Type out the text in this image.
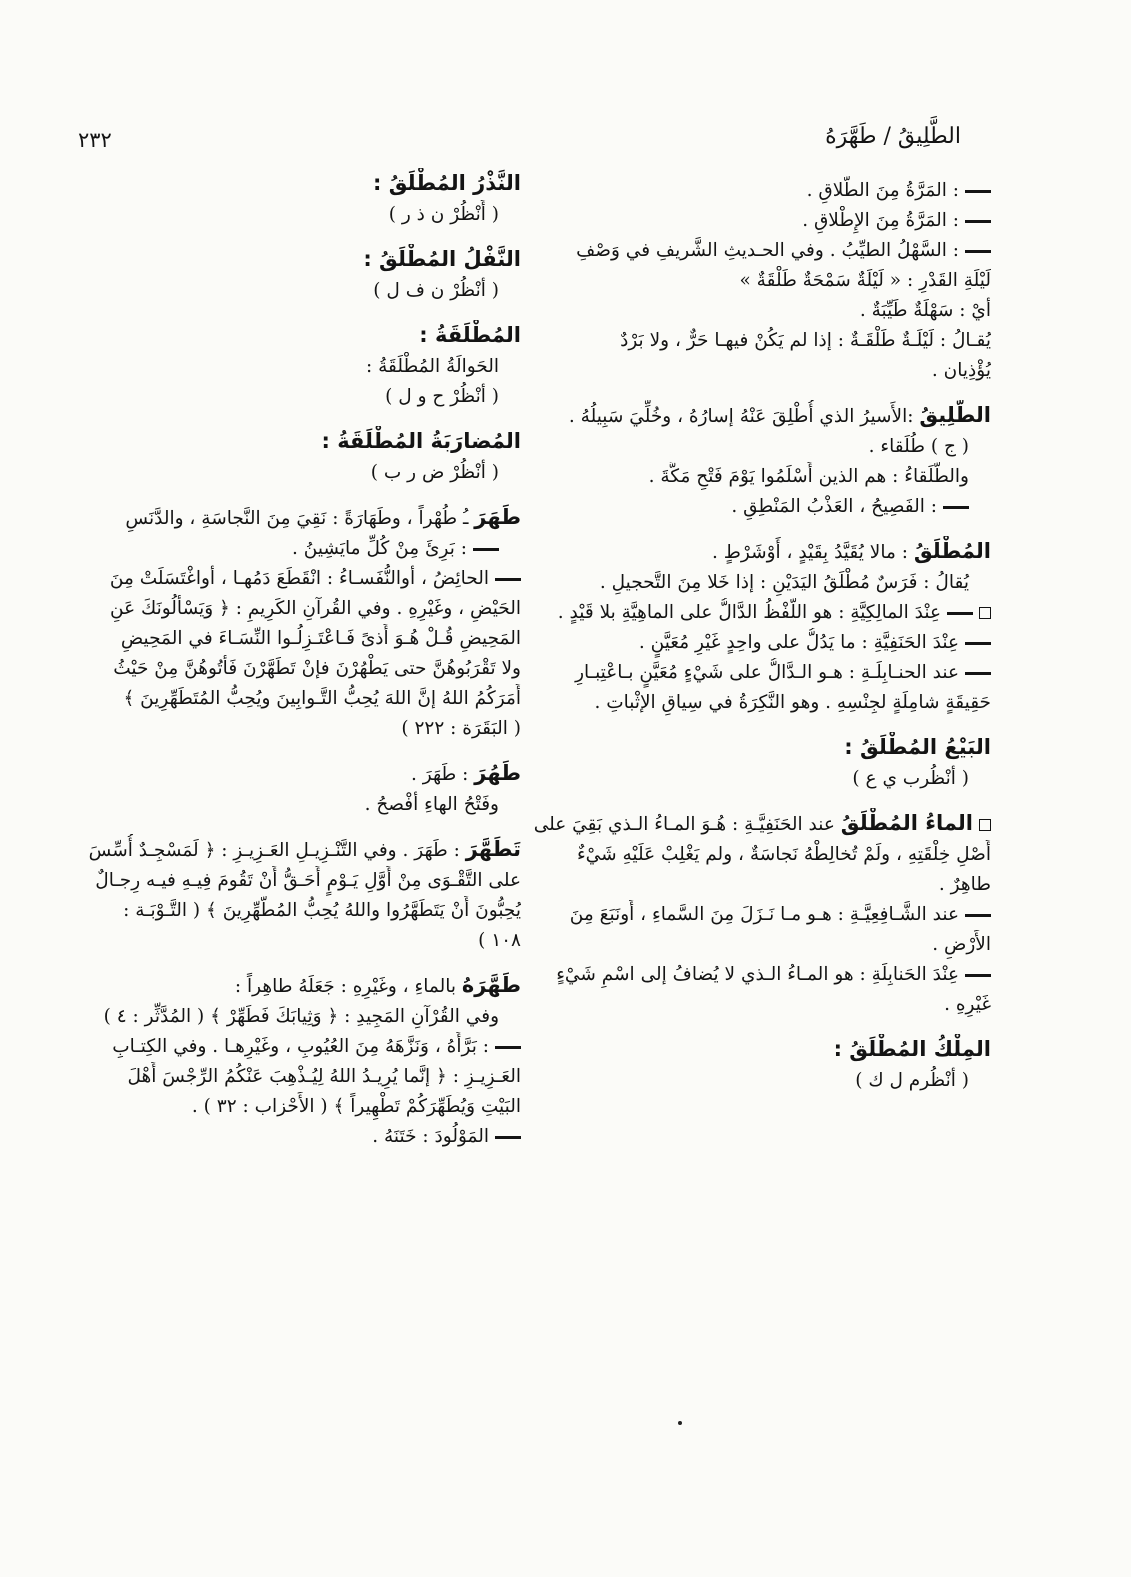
الطَّلِيقُ / طَهَّرَهُ
٢٣٢

: المَرَّةُ مِنَ الطَّلاقِ .

: المَرَّةُ مِنَ الإِطْلاقِ .

: السَّهْلُ الطيِّبُ . وفي الحـديثِ الشَّريفِ في وَصْفِ

لَيْلَةِ القَدْرِ : « لَيْلَةٌ سَمْحَةٌ طَلْقَةٌ »

أيْ : سَهْلَةٌ طَيِّبَةٌ .

يُقـالُ : لَيْلَـةٌ طَلْقَـةٌ : إذا لم يَكُنْ فيهـا حَرٌّ ، ولا بَرْدٌ

يُؤْذِيان .

الطَّلِيقُ :الأَسيرُ الذي أُطْلِقَ عَنْهُ إسارُهُ ، وخُلِّيَ سَبِيلُهُ .

( ج ) طُلَقاء .

والطُّلَقاءُ : هم الذين أَسْلَمُوا يَوْمَ فَتْحِ مَكَّةَ .

: الفَصِيحُ ، العَذْبُ المَنْطِقِ .

المُطْلَقُ : مالا يُقَيَّدُ بِقَيْدٍ ، أَوْشَرْطٍ .

يُقالُ : فَرَسٌ مُطْلَقُ اليَدَيْنِ : إذا خَلا مِنَ التَّحجيلِ .

عِنْدَ المالِكِيَّةِ : هو اللَّفْظُ الدَّالُّ على الماهِيَّةِ بلا قَيْدٍ .

عِنْدَ الحَنَفِيَّةِ : ما يَدُلُّ على واحِدٍ غَيْرِ مُعَيَّنٍ .

عند الحنـابِلَـةِ : هـو الـدَّالُّ على شَيْءٍ مُعَيَّنٍ بـاعْتِبـارِ

حَقِيقَةٍ شامِلَةٍ لجِنْسِهِ . وهو النَّكِرَةُ في سِياقِ الإثْباتِ .

البَيْعُ المُطْلَقُ :

( أنْظُرب ي ع )

الماءُ المُطْلَقُ عند الحَنَفِيَّـةِ : هُـوَ المـاءُ الـذي بَقِيَ على

أَصْلِ خِلْقَتِهِ ، ولَمْ تُخالِطْهُ نَجاسَةٌ ، ولم يَغْلِبْ عَلَيْهِ شَيْءٌ

طاهِرٌ .

عند الشَّـافِعِيَّـةِ : هـو مـا نَـزَلَ مِنَ السَّماءِ ، أَونَبَعَ مِنَ

الأَرْضِ .

عِنْدَ الحَنابِلَةِ : هو المـاءُ الـذي لا يُضافُ إلى اسْمِ شَيْءٍ

غَيْرِهِ .

المِلْكُ المُطْلَقُ :

( أنْظُرم ل ك )

النَّذْرُ المُطْلَقُ :

( أَنْظُرْ ن ذ ر )

النَّفْلُ المُطْلَقُ :

( أنْظُرْ ن ف ل )

المُطْلَقَةُ :

الحَوالَةُ المُطْلَقَةُ :

( أنْظُرْ ح و ل )

المُضارَبَةُ المُطْلَقَةُ :

( أنْظُرْ ض ر ب )

طَهَرَ ـُ طُهْراً ، وطَهَارَةً : نَقِيَ مِنَ النَّجاسَةِ ، والدَّنَسِ

: بَرِئَ مِنْ كُلِّ مايَشِينُ .

الحائِضُ ، أوالنُّفَسـاءُ : انْقَطَعَ دَمُهـا ، أواغْتَسَلَتْ مِنَ

الحَيْضِ ، وغَيْرِهِ . وفي القُرآنِ الكَرِيمِ : ﴿ وَيَسْأَلُونَكَ عَنِ

المَحِيضِ قُـلْ هُـوَ أَذىً فَـاعْتَـزِلُـوا النِّسَـاءَ في المَحِيضِ

ولا تَقْرَبُوهُنَّ حتى يَطْهُرْنَ فإنْ تَطَهَّرْنَ فَأْتُوهُنَّ مِنْ حَيْثُ

أَمَرَكُمُ اللهُ إنَّ اللهَ يُحِبُّ التَّـوابِينَ ويُحِبُّ المُتَطَهِّرِينَ ﴾

( البَقَرَة : ٢٢٢ )

طَهُرَ : طَهَرَ .

وفَتْحُ الهاءِ أفْصحُ .

تَطَهَّرَ : طَهَرَ . وفي التَّنْـزِيـلِ العَـزِيـزِ : ﴿ لَمَسْجِـدٌ أُسِّسَ

على التَّقْـوَى مِنْ أَوَّلِ يَـوْمٍ أَحَـقُّ أَنْ تَقُومَ فِيـهِ فيـه رِجـالٌ

يُحِبُّونَ أَنْ يَتَطَهَّرُوا واللهُ يُحِبُّ المُطَّهِّرِينَ ﴾ ( التَّـوْبَـة :

١٠٨ )

طَهَّرَهُ بالماءِ ، وغَيْرِهِ : جَعَلَهُ طاهِراً :

وفي القُرْآنِ المَجِيدِ : ﴿ وَثِيابَكَ فَطَهِّرْ ﴾ ( المُدَّثِّر : ٤ )

: بَرَّأَهُ ، وَنَزَّهَهُ مِنَ العُيُوبِ ، وغَيْرِهـا . وفي الكِتـابِ

العَـزِيـزِ : ﴿ إنَّما يُرِيـدُ اللهُ لِيُـذْهِبَ عَنْكُمُ الرِّجْسَ أَهْلَ

البَيْتِ وَيُطَهِّرَكُمْ تَطْهِيراً ﴾ ( الأَحْزاب : ٣٢ ) .

المَوْلُودَ : خَتَنَهُ .
